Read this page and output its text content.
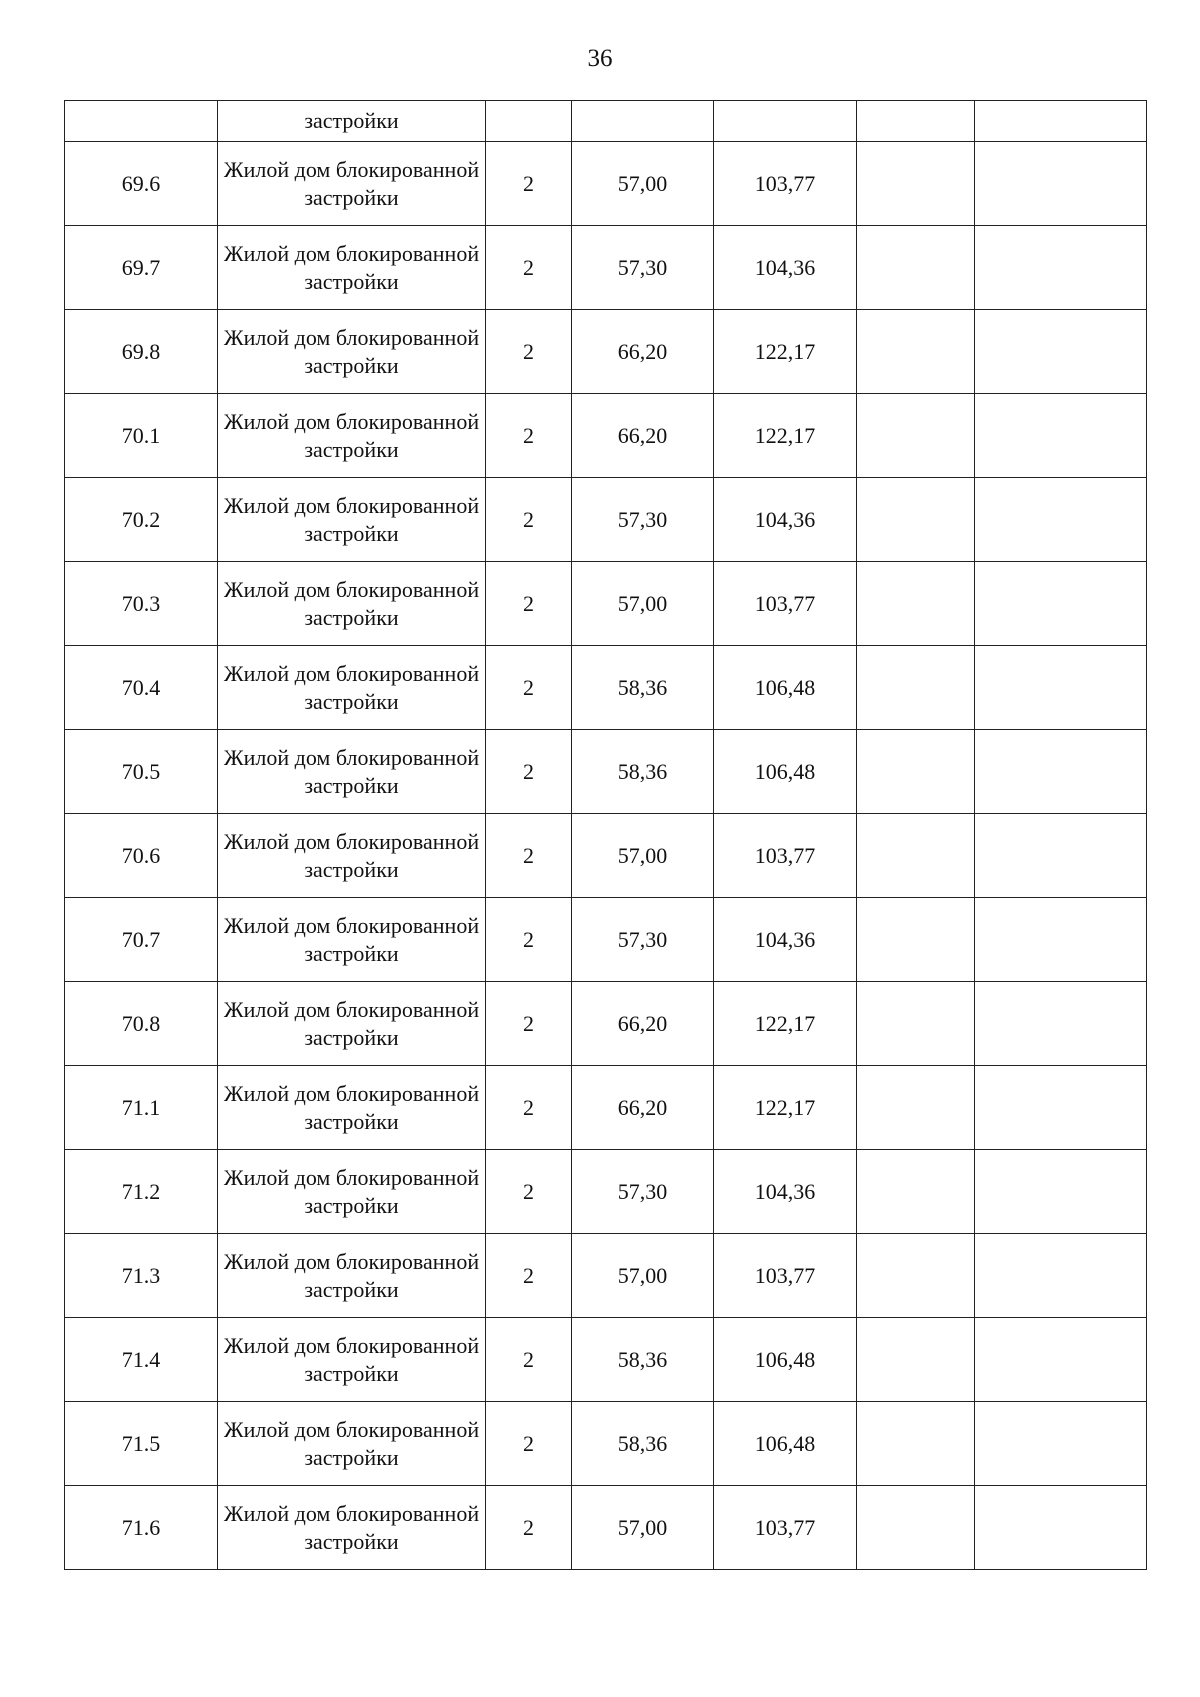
36
	застройки					
69.6	Жилой дом блокированной застройки	2	57,00	103,77		
69.7	Жилой дом блокированной застройки	2	57,30	104,36		
69.8	Жилой дом блокированной застройки	2	66,20	122,17		
70.1	Жилой дом блокированной застройки	2	66,20	122,17		
70.2	Жилой дом блокированной застройки	2	57,30	104,36		
70.3	Жилой дом блокированной застройки	2	57,00	103,77		
70.4	Жилой дом блокированной застройки	2	58,36	106,48		
70.5	Жилой дом блокированной застройки	2	58,36	106,48		
70.6	Жилой дом блокированной застройки	2	57,00	103,77		
70.7	Жилой дом блокированной застройки	2	57,30	104,36		
70.8	Жилой дом блокированной застройки	2	66,20	122,17		
71.1	Жилой дом блокированной застройки	2	66,20	122,17		
71.2	Жилой дом блокированной застройки	2	57,30	104,36		
71.3	Жилой дом блокированной застройки	2	57,00	103,77		
71.4	Жилой дом блокированной застройки	2	58,36	106,48		
71.5	Жилой дом блокированной застройки	2	58,36	106,48		
71.6	Жилой дом блокированной застройки	2	57,00	103,77		
